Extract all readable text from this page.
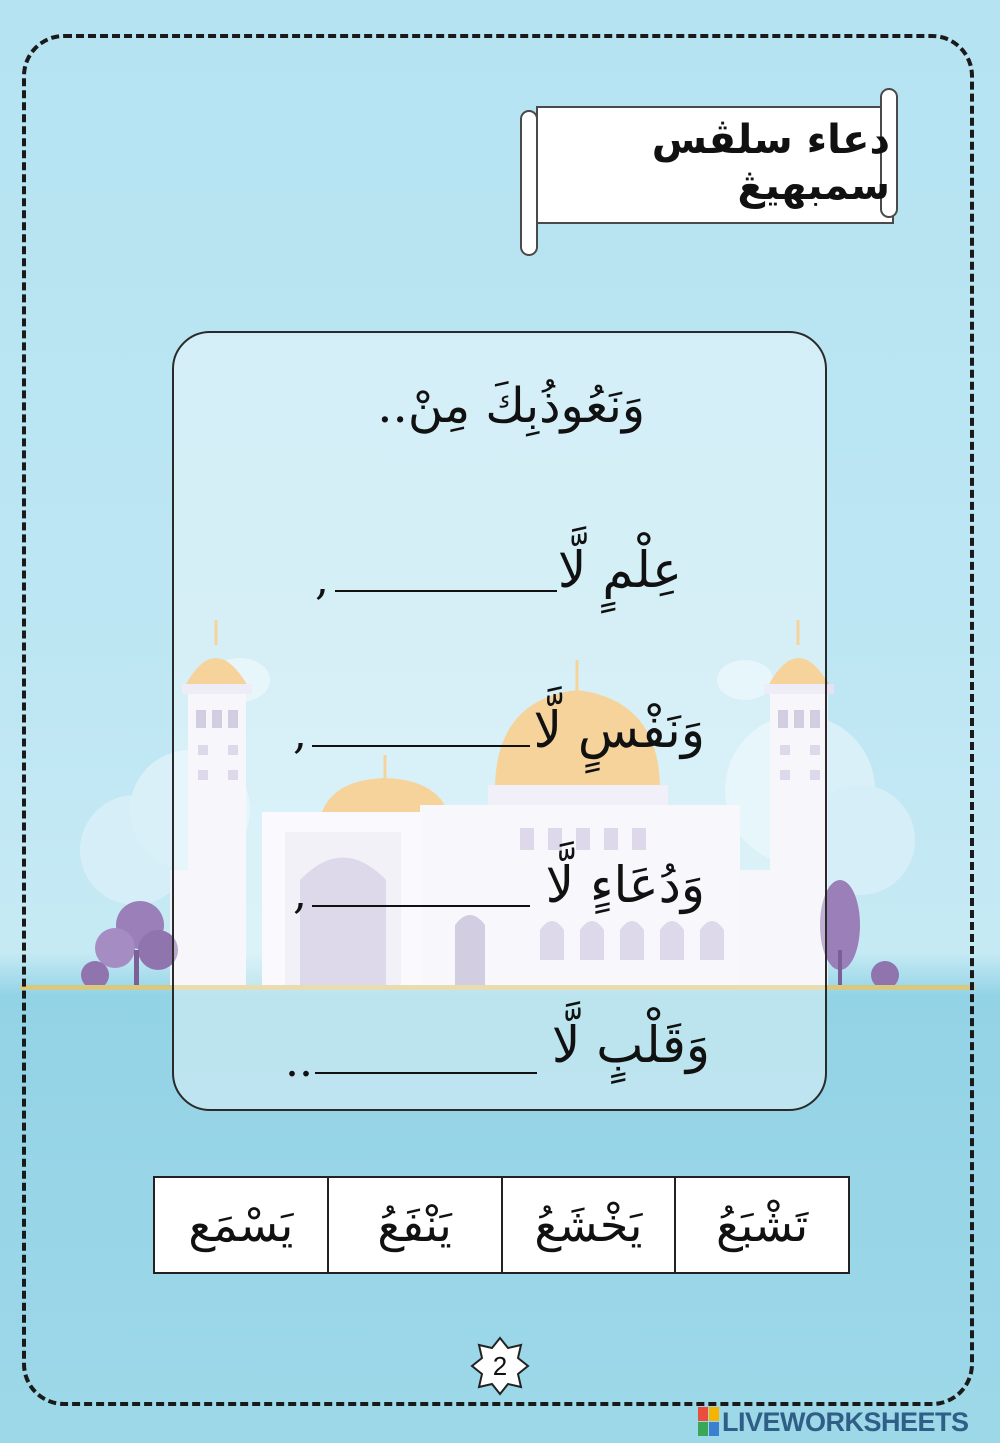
دعاء سلڤس سمبهيڠ
وَنَعُوذُبِكَ مِنْ..
عِلْمٍ لَّا
,
وَنَفْسٍ لَّا
,
وَدُعَاءٍ لَّا
,
وَقَلْبٍ لَّا
..
يَسْمَع	يَنْفَعُ	يَخْشَعُ	تَشْبَعُ
2
LIVEWORKSHEETS
